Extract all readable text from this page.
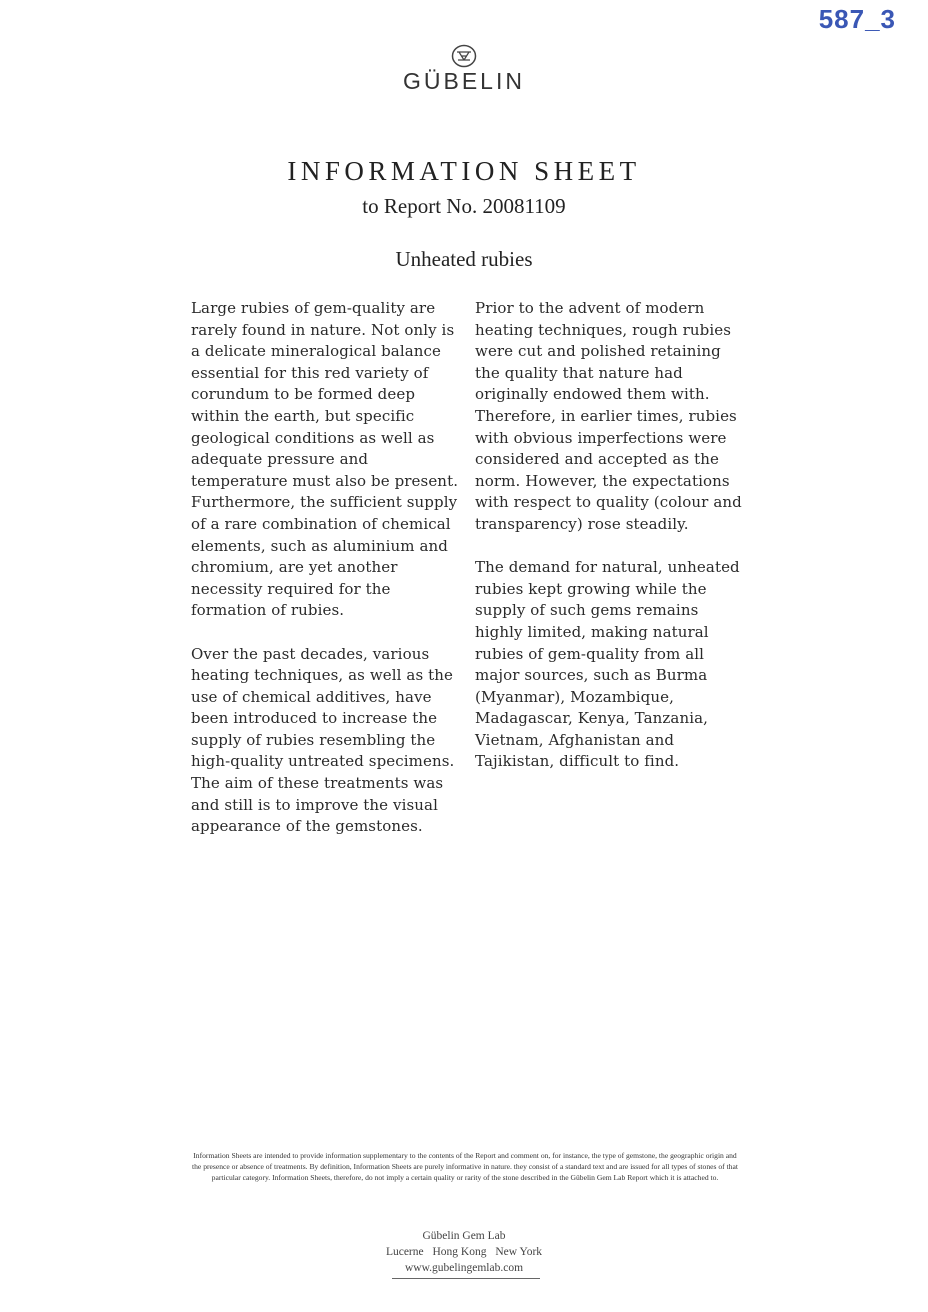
587_3
GÜBELIN
INFORMATION SHEET
to Report No. 20081109
Unheated rubies

Large rubies of gem-quality are rarely found in nature. Not only is a delicate mineralogical balance essential for this red variety of corundum to be formed deep within the earth, but specific geological conditions as well as adequate pressure and temperature must also be present. Furthermore, the sufficient supply of a rare combination of chemical elements, such as aluminium and chromium, are yet another necessity required for the formation of rubies.

Over the past decades, various heating techniques, as well as the use of chemical additives, have been introduced to increase the supply of rubies resembling the high-quality untreated specimens. The aim of these treatments was and still is to improve the visual appearance of the gemstones.

Prior to the advent of modern heating techniques, rough rubies were cut and polished retaining the quality that nature had originally endowed them with. Therefore, in earlier times, rubies with obvious imperfections were considered and accepted as the norm. However, the expectations with respect to quality (colour and transparency) rose steadily.

The demand for natural, unheated rubies kept growing while the supply of such gems remains highly limited, making natural rubies of gem-quality from all major sources, such as Burma (Myanmar), Mozambique, Madagascar, Kenya, Tanzania, Vietnam, Afghanistan and Tajikistan, difficult to find.

Information Sheets are intended to provide information supplementary to the contents of the Report and comment on, for instance, the type of gemstone, the geographic origin and the presence or absence of treatments. By definition, Information Sheets are purely informative in nature. they consist of a standard text and are issued for all types of stones of that particular category. Information Sheets, therefore, do not imply a certain quality or rarity of the stone described in the Gübelin Gem Lab Report which it is attached to.
Gübelin Gem Lab
Lucerne Hong Kong New York
www.gubelingemlab.com
